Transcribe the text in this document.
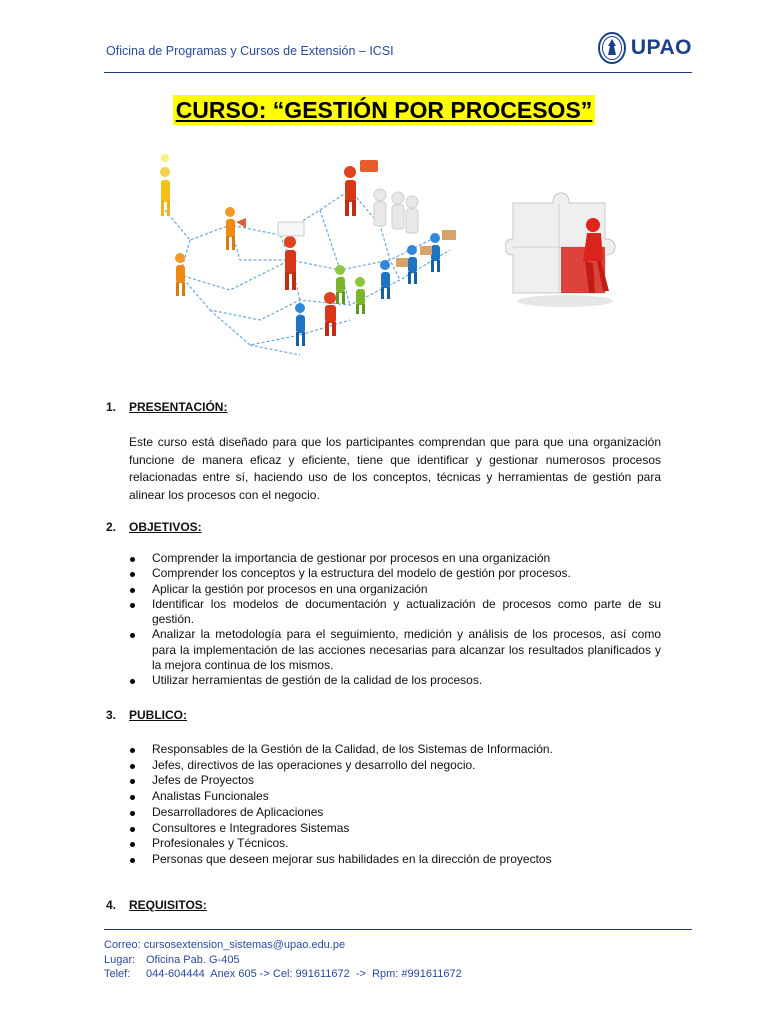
Oficina de Programas y Cursos de Extensión – ICSI	UPAO
CURSO: “GESTIÓN POR PROCESOS”
1. PRESENTACIÓN:

Este curso está diseñado para que los participantes comprendan que para que una organización funcione de manera eficaz y eficiente, tiene que identificar y gestionar numerosos procesos relacionadas entre sí, haciendo uso de los conceptos, técnicas y herramientas de gestión para alinear los procesos con el negocio.

2. OBJETIVOS:
Comprender la importancia de gestionar por procesos en una organización
Comprender los conceptos y la estructura del modelo de gestión por procesos.
Aplicar la gestión por procesos en una organización
Identificar los modelos de documentación y actualización de procesos como parte de su gestión.
Analizar la metodología para el seguimiento, medición y análisis de los procesos, así como para la implementación de las acciones necesarias para alcanzar los resultados planificados y la mejora continua de los mismos.
Utilizar herramientas de gestión de la calidad de los procesos.
3. PUBLICO:
Responsables de la Gestión de la Calidad, de los Sistemas de Información.
Jefes, directivos de las operaciones y desarrollo del negocio.
Jefes de Proyectos
Analistas Funcionales
Desarrolladores de Aplicaciones
Consultores e Integradores Sistemas
Profesionales y Técnicos.
Personas que deseen mejorar sus habilidades en la dirección de proyectos
4. REQUISITOS:
Correo:
cursosextension_sistemas@upao.edu.pe
Lugar: Oficina Pab. G-405
Telef:	044-604444  Anex 605 -> Cel: 991611672  ->  Rpm: #991611672
